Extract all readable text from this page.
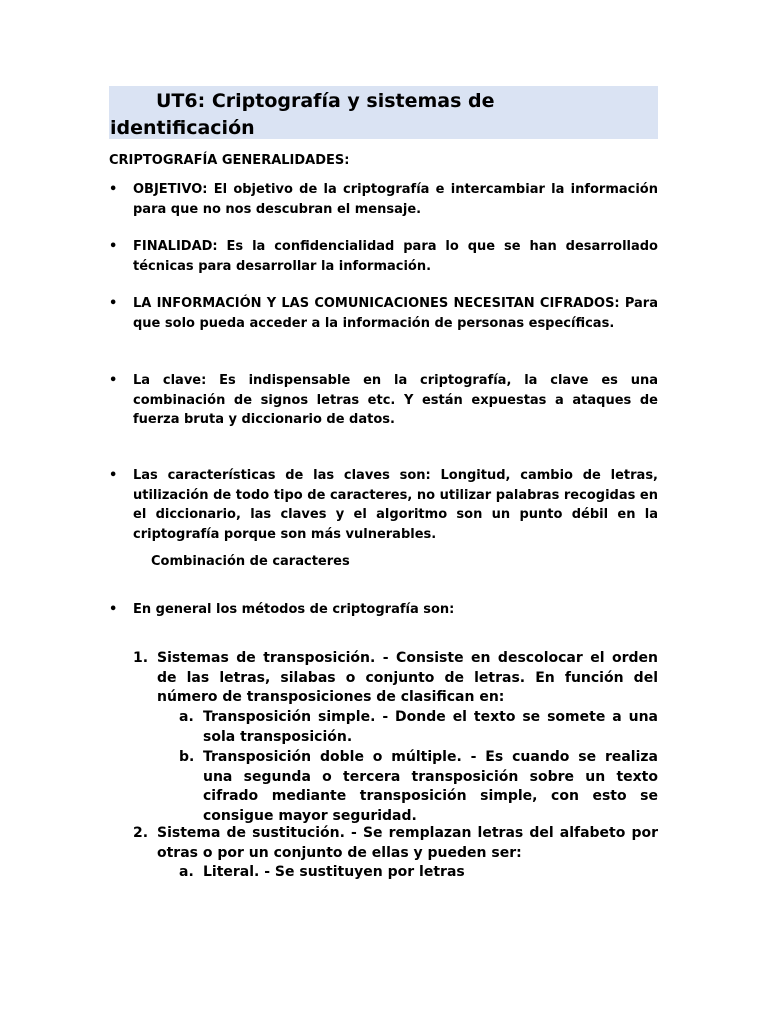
UT6: Criptografía y sistemas de
identificación
CRIPTOGRAFÍA GENERALIDADES:
•	OBJETIVO: El objetivo de la criptografía e intercambiar la información para que no nos descubran el mensaje.
•	FINALIDAD: Es la confidencialidad para lo que se han desarrollado técnicas para desarrollar la información.
•	LA INFORMACIÓN Y LAS COMUNICACIONES NECESITAN CIFRADOS: Para que solo pueda acceder a la información de personas específicas.
•	La clave: Es indispensable en la criptografía, la clave es una combinación de signos letras etc. Y están expuestas a ataques de fuerza bruta y diccionario de datos.
•	Las características de las claves son: Longitud, cambio de letras, utilización de todo tipo de caracteres, no utilizar palabras recogidas en el diccionario, las claves y el algoritmo son un punto débil en la criptografía porque son más vulnerables.
Combinación de caracteres
•	En general los métodos de criptografía son:
1. Sistemas de transposición. - Consiste en descolocar el orden de las letras, silabas o conjunto de letras. En función del número de transposiciones de clasifican en:
a. Transposición simple. - Donde el texto se somete a una sola transposición.
b. Transposición doble o múltiple. - Es cuando se realiza una segunda o tercera transposición sobre un texto cifrado mediante transposición simple, con esto se consigue mayor seguridad.
2. Sistema de sustitución. - Se remplazan letras del alfabeto por otras o por un conjunto de ellas y pueden ser:
a. Literal. - Se sustituyen por letras
